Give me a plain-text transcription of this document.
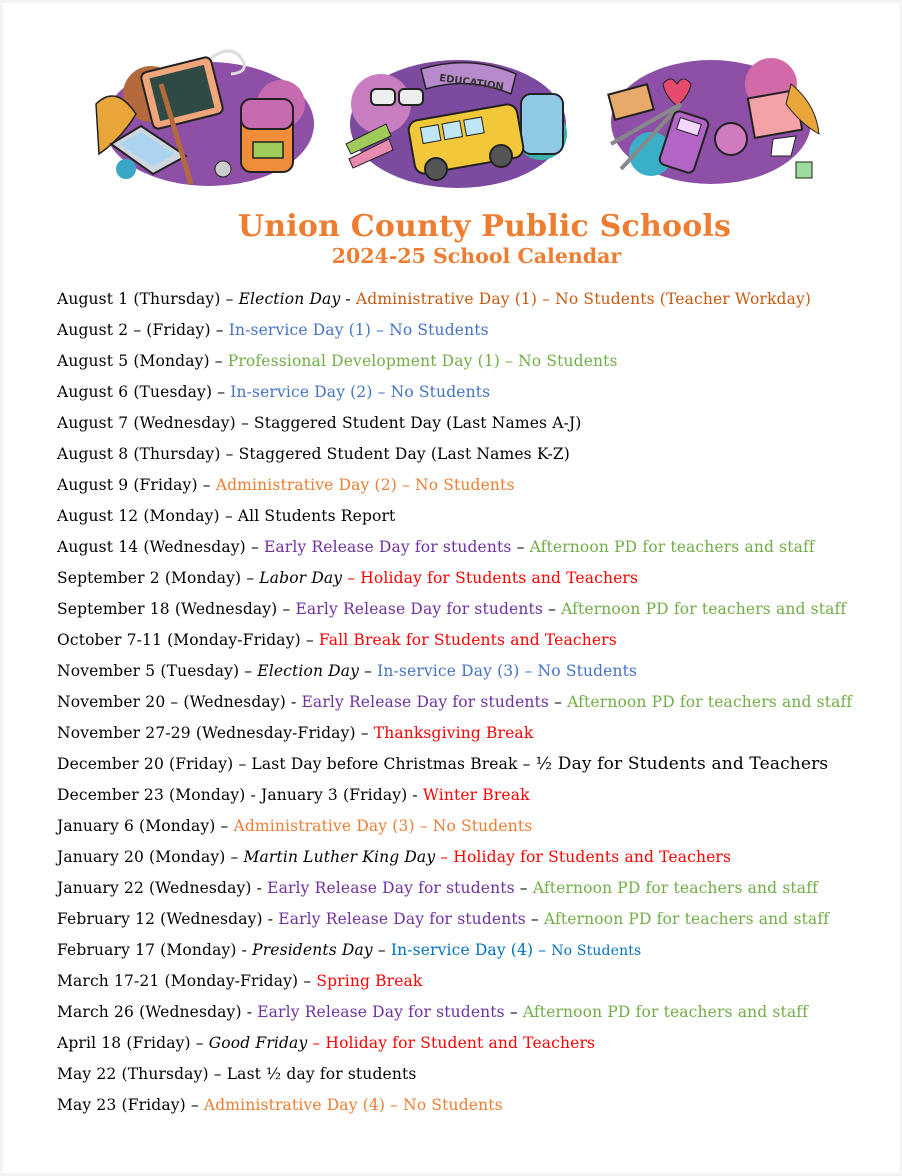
EDUCATION
Union County Public Schools
2024-25 School Calendar
August 1 (Thursday) – Election Day - Administrative Day (1) – No Students (Teacher Workday)
August 2 – (Friday) – In-service Day (1) – No Students
August 5 (Monday) – Professional Development Day (1) – No Students
August 6 (Tuesday) – In-service Day (2) – No Students
August 7 (Wednesday) – Staggered Student Day (Last Names A-J)
August 8 (Thursday) – Staggered Student Day (Last Names K-Z)
August 9 (Friday) – Administrative Day (2) – No Students
August 12 (Monday) – All Students Report
August 14 (Wednesday) – Early Release Day for students – Afternoon PD for teachers and staff
September 2 (Monday) – Labor Day – Holiday for Students and Teachers
September 18 (Wednesday) – Early Release Day for students – Afternoon PD for teachers and staff
October 7-11 (Monday-Friday) – Fall Break for Students and Teachers
November 5 (Tuesday) – Election Day – In-service Day (3) – No Students
November 20 – (Wednesday) - Early Release Day for students – Afternoon PD for teachers and staff
November 27-29 (Wednesday-Friday) – Thanksgiving Break
December 20 (Friday) – Last Day before Christmas Break – ½ Day for Students and Teachers
December 23 (Monday) - January 3 (Friday) - Winter Break
January 6 (Monday) – Administrative Day (3) – No Students
January 20 (Monday) – Martin Luther King Day – Holiday for Students and Teachers
January 22 (Wednesday) - Early Release Day for students – Afternoon PD for teachers and staff
February 12 (Wednesday) - Early Release Day for students – Afternoon PD for teachers and staff
February 17 (Monday) - Presidents Day – In-service Day (4) – No Students
March 17-21 (Monday-Friday) – Spring Break
March 26 (Wednesday) - Early Release Day for students – Afternoon PD for teachers and staff
April 18 (Friday) – Good Friday – Holiday for Student and Teachers
May 22 (Thursday) – Last ½ day for students
May 23 (Friday) – Administrative Day (4) – No Students
